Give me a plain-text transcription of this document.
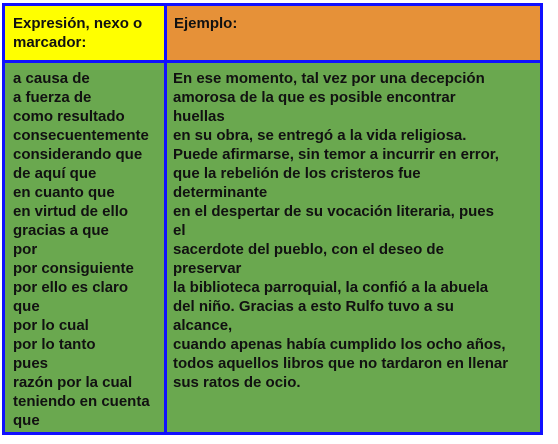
Expresión, nexo o marcador:
Ejemplo:
a causa de
a fuerza de
como resultado
consecuentemente
considerando que
de aquí que
en cuanto que
en virtud de ello
gracias a que
por
por consiguiente
por ello es claro
que
por lo cual
por lo tanto
pues
razón por la cual
teniendo en cuenta
que
En ese momento, tal vez por una decepción
amorosa de la que es posible encontrar
huellas
en su obra, se entregó a la vida religiosa.
Puede afirmarse, sin temor a incurrir en error,
que la rebelión de los cristeros fue
determinante
en el despertar de su vocación literaria, pues
el
sacerdote del pueblo, con el deseo de
preservar
la biblioteca parroquial, la confió a la abuela
del niño. Gracias a esto Rulfo tuvo a su
alcance,
cuando apenas había cumplido los ocho años,
todos aquellos libros que no tardaron en llenar
sus ratos de ocio.
